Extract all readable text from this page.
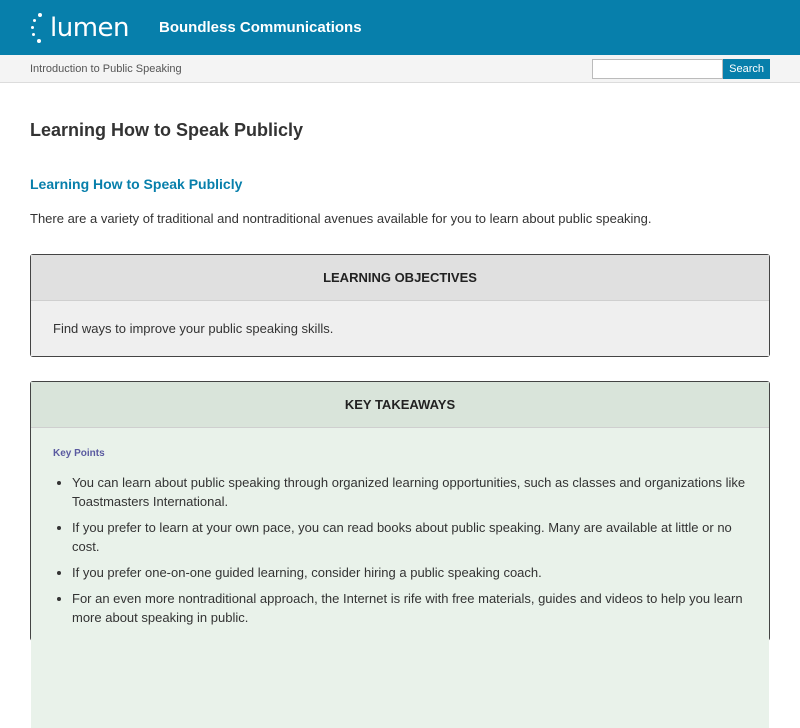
lumen Boundless Communications
Introduction to Public Speaking	Search
Learning How to Speak Publicly
Learning How to Speak Publicly

There are a variety of traditional and nontraditional avenues available for you to learn about public speaking.

LEARNING OBJECTIVES
Find ways to improve your public speaking skills.
KEY TAKEAWAYS
Key Points
• You can learn about public speaking through organized learning opportunities, such as classes and organizations like Toastmasters International.
• If you prefer to learn at your own pace, you can read books about public speaking. Many are available at little or no cost.
• If you prefer one-on-one guided learning, consider hiring a public speaking coach.
• For an even more nontraditional approach, the Internet is rife with free materials, guides and videos to help you learn more about speaking in public.
